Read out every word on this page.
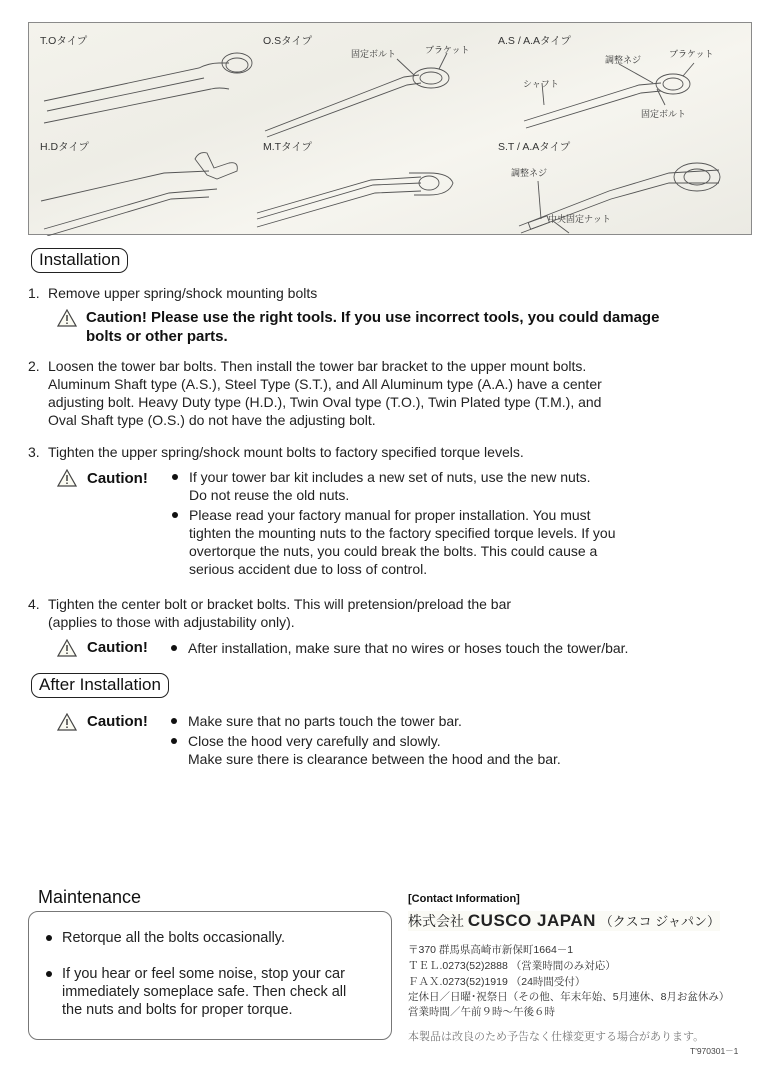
T.Oタイプ	O.Sタイプ	A.S / A.Aタイプ
H.Dタイプ	M.Tタイプ	S.T / A.Aタイプ
固定ボルト	ブラケット
調整ネジ
ブラケット
シャフト
固定ボルト
調整ネジ
中央固定ナット
Installation
1. Remove upper spring/shock mounting bolts
Caution! Please use the right tools. If you use incorrect tools, you could damage
bolts or other parts.
2. Loosen the tower bar bolts. Then install the tower bar bracket to the upper mount bolts.
Aluminum Shaft type (A.S.), Steel Type (S.T.), and All Aluminum type (A.A.) have a center
adjusting bolt. Heavy Duty type (H.D.), Twin Oval type (T.O.), Twin Plated type (T.M.), and
Oval Shaft type (O.S.) do not have the adjusting bolt.
3. Tighten the upper spring/shock mount bolts to factory specified torque levels.
Caution!	If your tower bar kit includes a new set of nuts, use the new nuts.
Do not reuse the old nuts.
Please read your factory manual for proper installation. You must
tighten the mounting nuts to the factory specified torque levels. If you
overtorque the nuts, you could break the bolts. This could cause a
serious accident due to loss of control.
4. Tighten the center bolt or bracket bolts. This will pretension/preload the bar
(applies to those with adjustability only).
Caution!	After installation, make sure that no wires or hoses touch the tower/bar.
After Installation
Caution!	Make sure that no parts touch the tower bar.
Close the hood very carefully and slowly.
Make sure there is clearance between the hood and the bar.
Maintenance
Retorque all the bolts occasionally.
If you hear or feel some noise, stop your car
immediately someplace safe. Then check all
the nuts and bolts for proper torque.
[Contact Information]
株式会社 CUSCO JAPAN （クスコ ジャパン）
〒370 群馬県高崎市新保町1664－1
ＴＥＬ.0273(52)2888 （営業時間のみ対応）
ＦＡＸ.0273(52)1919 （24時間受付）
定休日／日曜･祝祭日（その他、年末年始、5月連休、8月お盆休み）
営業時間／午前９時～午後６時
本製品は改良のため予告なく仕様変更する場合があります。
T'970301－1
